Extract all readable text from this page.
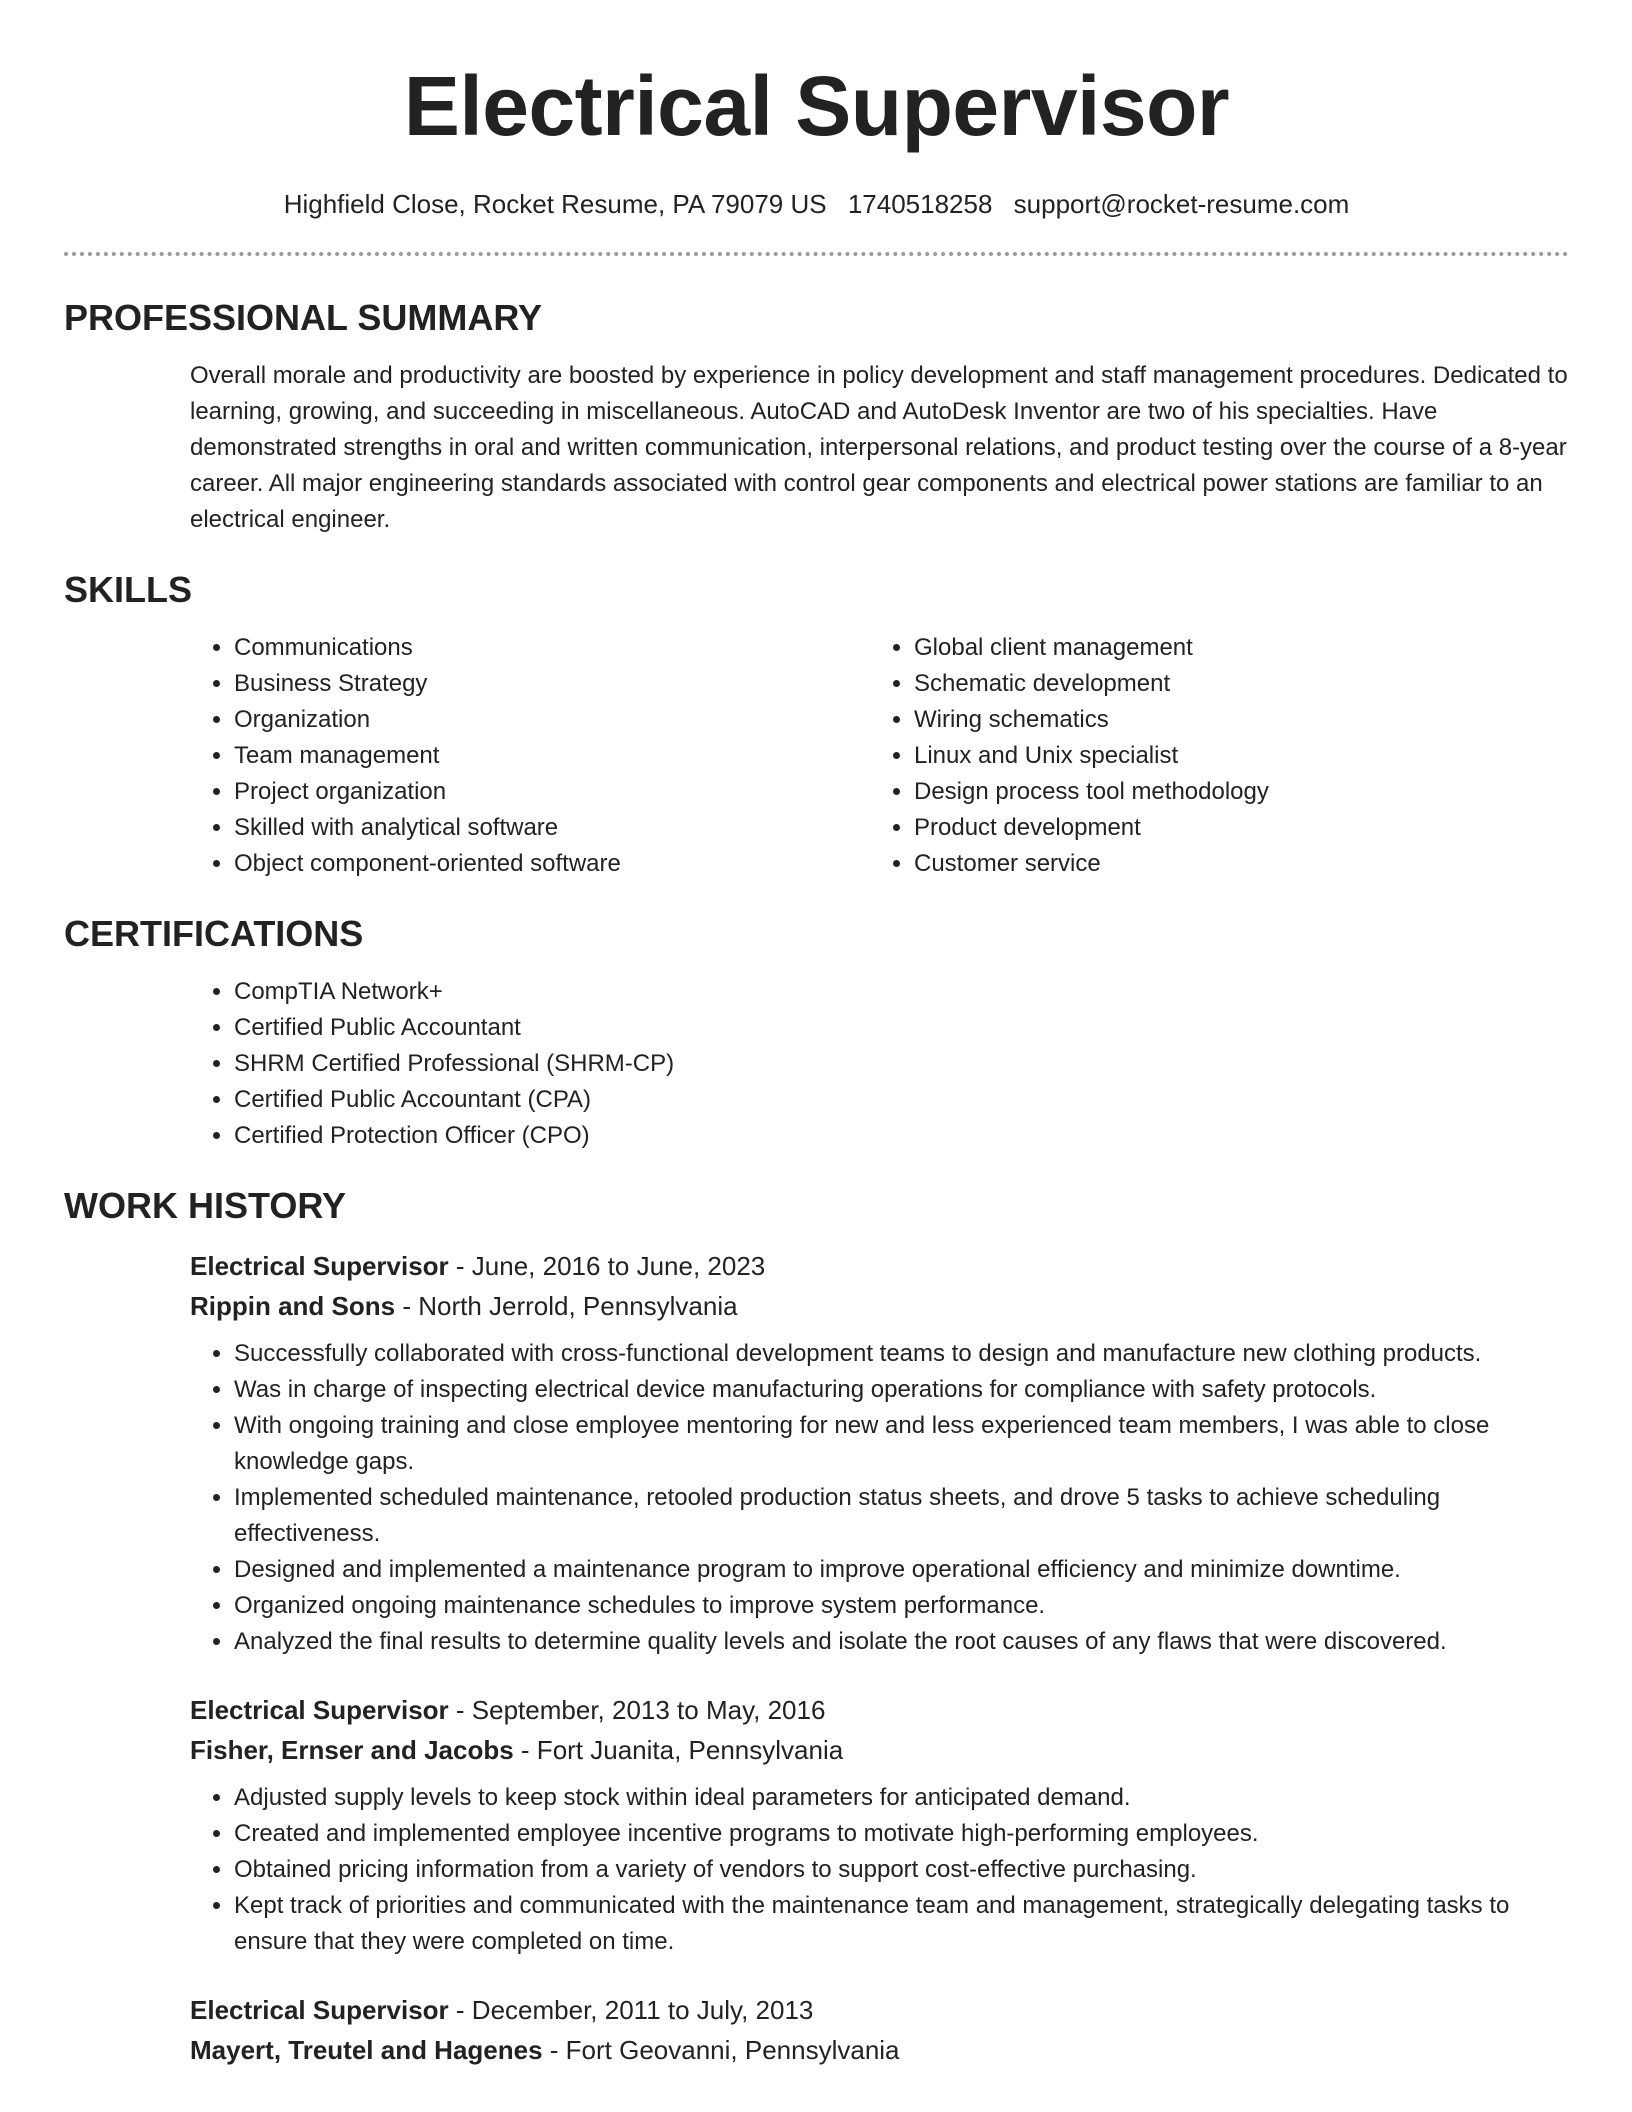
Electrical Supervisor
Highfield Close, Rocket Resume, PA 79079 US 1740518258 support@rocket-resume.com
PROFESSIONAL SUMMARY

Overall morale and productivity are boosted by experience in policy development and staff management procedures. Dedicated to learning, growing, and succeeding in miscellaneous. AutoCAD and AutoDesk Inventor are two of his specialties. Have demonstrated strengths in oral and written communication, interpersonal relations, and product testing over the course of a 8-year career. All major engineering standards associated with control gear components and electrical power stations are familiar to an electrical engineer.

SKILLS
• Communications
• Business Strategy
• Organization
• Team management
• Project organization
• Skilled with analytical software
• Object component-oriented software
• Global client management
• Schematic development
• Wiring schematics
• Linux and Unix specialist
• Design process tool methodology
• Product development
• Customer service
CERTIFICATIONS
• CompTIA Network+
• Certified Public Accountant
• SHRM Certified Professional (SHRM-CP)
• Certified Public Accountant (CPA)
• Certified Protection Officer (CPO)
WORK HISTORY
Electrical Supervisor - June, 2016 to June, 2023
Rippin and Sons - North Jerrold, Pennsylvania
• Successfully collaborated with cross-functional development teams to design and manufacture new clothing products.
• Was in charge of inspecting electrical device manufacturing operations for compliance with safety protocols.
• With ongoing training and close employee mentoring for new and less experienced team members, I was able to close knowledge gaps.
• Implemented scheduled maintenance, retooled production status sheets, and drove 5 tasks to achieve scheduling effectiveness.
• Designed and implemented a maintenance program to improve operational efficiency and minimize downtime.
• Organized ongoing maintenance schedules to improve system performance.
• Analyzed the final results to determine quality levels and isolate the root causes of any flaws that were discovered.
Electrical Supervisor - September, 2013 to May, 2016
Fisher, Ernser and Jacobs - Fort Juanita, Pennsylvania
• Adjusted supply levels to keep stock within ideal parameters for anticipated demand.
• Created and implemented employee incentive programs to motivate high-performing employees.
• Obtained pricing information from a variety of vendors to support cost-effective purchasing.
• Kept track of priorities and communicated with the maintenance team and management, strategically delegating tasks to ensure that they were completed on time.
Electrical Supervisor - December, 2011 to July, 2013
Mayert, Treutel and Hagenes - Fort Geovanni, Pennsylvania
